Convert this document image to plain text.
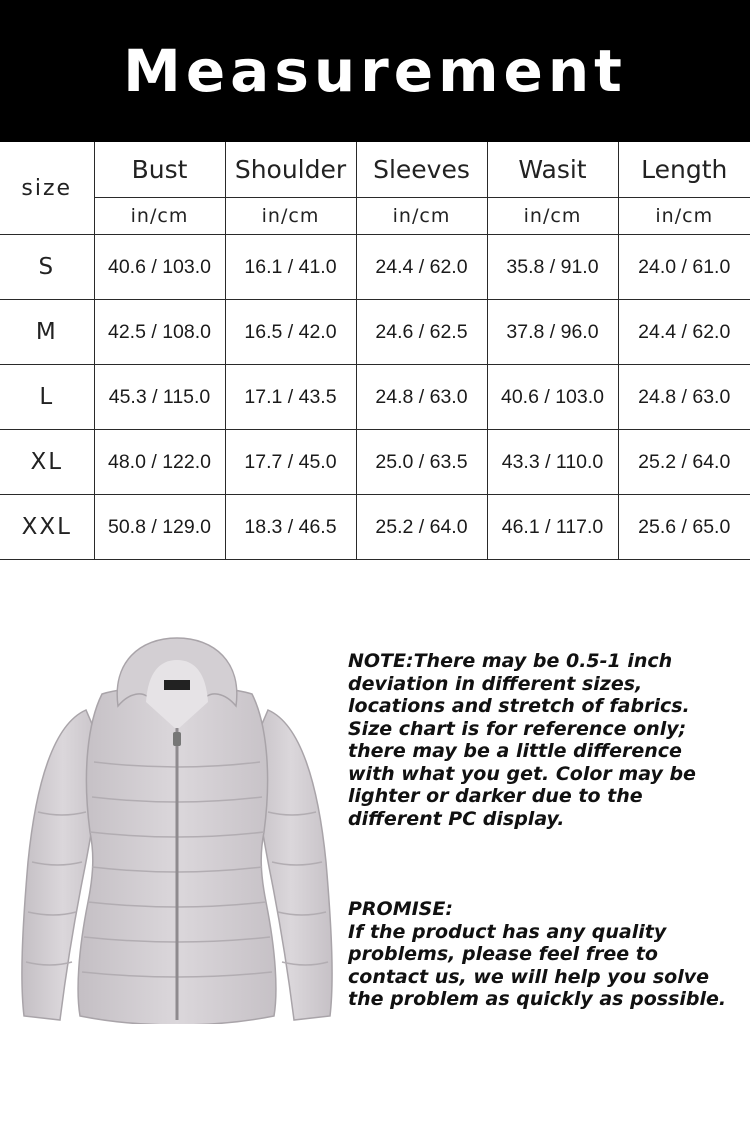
Measurement
size	Bust	Shoulder	Sleeves	Wasit	Length
	in/cm	in/cm	in/cm	in/cm	in/cm
S	40.6 / 103.0	16.1 / 41.0	24.4 / 62.0	35.8 / 91.0	24.0 / 61.0
M	42.5 / 108.0	16.5 / 42.0	24.6 / 62.5	37.8 / 96.0	24.4 / 62.0
L	45.3 / 115.0	17.1 / 43.5	24.8 / 63.0	40.6 / 103.0	24.8 / 63.0
XL	48.0 / 122.0	17.7 / 45.0	25.0 / 63.5	43.3 / 110.0	25.2 / 64.0
XXL	50.8 / 129.0	18.3 / 46.5	25.2 / 64.0	46.1 / 117.0	25.6 / 65.0
NOTE:There may be 0.5-1 inch deviation in different sizes, locations and stretch of fabrics. Size chart is for reference only; there may be a little difference with what you get. Color may be lighter or darker due to the different PC display.
PROMISE:
If the product has any quality problems, please feel free to contact us, we will help you solve the problem as quickly as possible.
